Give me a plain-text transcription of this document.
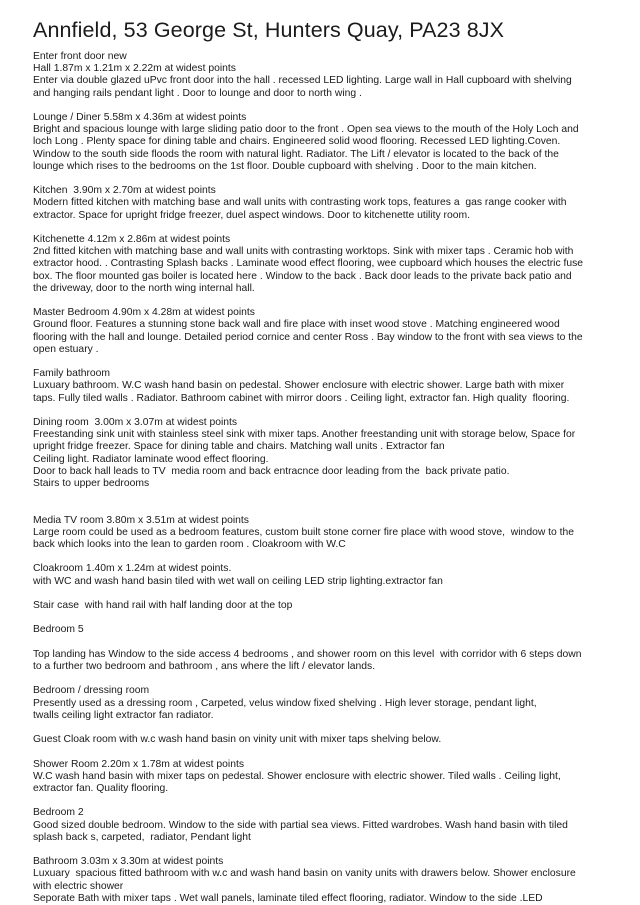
Annfield, 53 George St, Hunters Quay, PA23 8JX
Enter front door new
Hall 1.87m x 1.21m x 2.22m at widest points
Enter via double glazed uPvc front door into the hall . recessed LED lighting. Large wall in Hall cupboard with shelving
and hanging rails pendant light . Door to lounge and door to north wing .
Lounge / Diner 5.58m x 4.36m at widest points
Bright and spacious lounge with large sliding patio door to the front . Open sea views to the mouth of the Holy Loch and
loch Long . Plenty space for dining table and chairs. Engineered solid wood flooring. Recessed LED lighting.Coven.
Window to the south side floods the room with natural light. Radiator. The Lift / elevator is located to the back of the
lounge which rises to the bedrooms on the 1st floor. Double cupboard with shelving . Door to the main kitchen.
Kitchen  3.90m x 2.70m at widest points
Modern fitted kitchen with matching base and wall units with contrasting work tops, features a  gas range cooker with
extractor. Space for upright fridge freezer, duel aspect windows. Door to kitchenette utility room.
Kitchenette 4.12m x 2.86m at widest points
2nd fitted kitchen with matching base and wall units with contrasting worktops. Sink with mixer taps . Ceramic hob with
extractor hood. . Contrasting Splash backs . Laminate wood effect flooring, wee cupboard which houses the electric fuse
box. The floor mounted gas boiler is located here . Window to the back . Back door leads to the private back patio and
the driveway, door to the north wing internal hall.
Master Bedroom 4.90m x 4.28m at widest points
Ground floor. Features a stunning stone back wall and fire place with inset wood stove . Matching engineered wood
flooring with the hall and lounge. Detailed period cornice and center Ross . Bay window to the front with sea views to the
open estuary .
Family bathroom
Luxuary bathroom. W.C wash hand basin on pedestal. Shower enclosure with electric shower. Large bath with mixer
taps. Fully tiled walls . Radiator. Bathroom cabinet with mirror doors . Ceiling light, extractor fan. High quality  flooring.
Dining room  3.00m x 3.07m at widest points
Freestanding sink unit with stainless steel sink with mixer taps. Another freestanding unit with storage below, Space for
upright fridge freezer. Space for dining table and chairs. Matching wall units . Extractor fan
Ceiling light. Radiator laminate wood effect flooring.
Door to back hall leads to TV  media room and back entracnce door leading from the  back private patio.
Stairs to upper bedrooms
Media TV room 3.80m x 3.51m at widest points
Large room could be used as a bedroom features, custom built stone corner fire place with wood stove,  window to the
back which looks into the lean to garden room . Cloakroom with W.C
Cloakroom 1.40m x 1.24m at widest points.
with WC and wash hand basin tiled with wet wall on ceiling LED strip lighting.extractor fan
Stair case  with hand rail with half landing door at the top
Bedroom 5
Top landing has Window to the side access 4 bedrooms , and shower room on this level  with corridor with 6 steps down
to a further two bedroom and bathroom , ans where the lift / elevator lands.
Bedroom / dressing room
Presently used as a dressing room , Carpeted, velus window fixed shelving . High lever storage, pendant light,
twalls ceiling light extractor fan radiator.
Guest Cloak room with w.c wash hand basin on vinity unit with mixer taps shelving below.
Shower Room 2.20m x 1.78m at widest points
W.C wash hand basin with mixer taps on pedestal. Shower enclosure with electric shower. Tiled walls . Ceiling light,
extractor fan. Quality flooring.
Bedroom 2
Good sized double bedroom. Window to the side with partial sea views. Fitted wardrobes. Wash hand basin with tiled
splash back s, carpeted,  radiator, Pendant light
Bathroom 3.03m x 3.30m at widest points
Luxuary  spacious fitted bathroom with w.c and wash hand basin on vanity units with drawers below. Shower enclosure
with electric shower
Seporate Bath with mixer taps . Wet wall panels, laminate tiled effect flooring, radiator. Window to the side .LED
